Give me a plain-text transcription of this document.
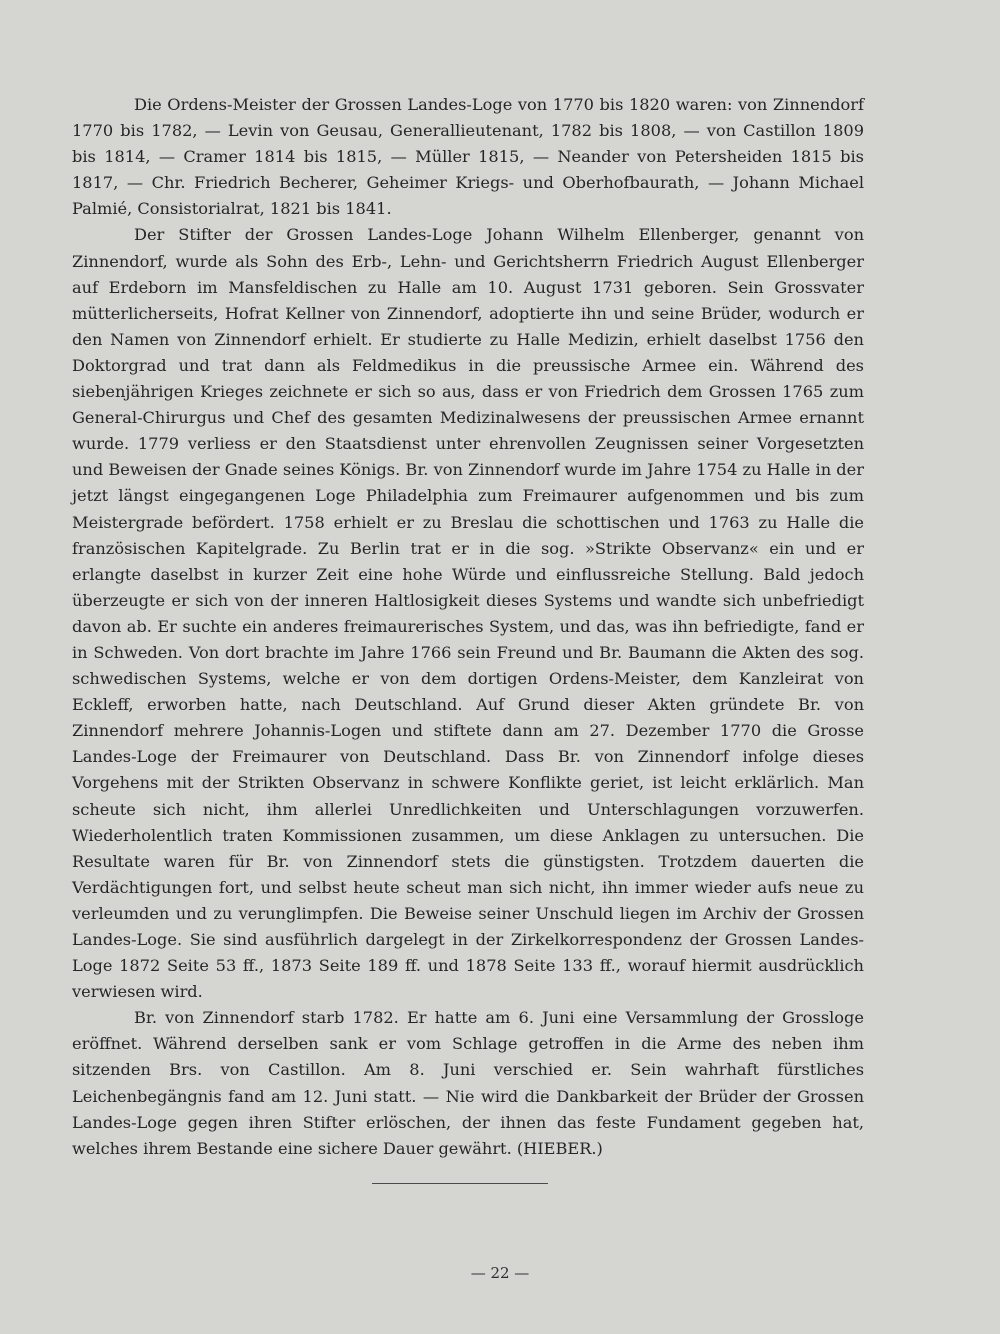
Die Ordens-Meister der Grossen Landes-Loge von 1770 bis 1820 waren: von Zinnendorf 1770 bis 1782, — Levin von Geusau, Generallieutenant, 1782 bis 1808, — von Castillon 1809 bis 1814, — Cramer 1814 bis 1815, — Müller 1815, — Neander von Petersheiden 1815 bis 1817, — Chr. Friedrich Becherer, Geheimer Kriegs- und Oberhofbaurath, — Johann Michael Palmié, Consistorialrat, 1821 bis 1841.

Der Stifter der Grossen Landes-Loge Johann Wilhelm Ellenberger, genannt von Zinnendorf, wurde als Sohn des Erb-, Lehn- und Gerichtsherrn Friedrich August Ellenberger auf Erdeborn im Mansfeldischen zu Halle am 10. August 1731 geboren. Sein Grossvater mütterlicherseits, Hofrat Kellner von Zinnendorf, adoptierte ihn und seine Brüder, wodurch er den Namen von Zinnendorf erhielt. Er studierte zu Halle Medizin, erhielt daselbst 1756 den Doktorgrad und trat dann als Feldmedikus in die preussische Armee ein. Während des siebenjährigen Krieges zeichnete er sich so aus, dass er von Friedrich dem Grossen 1765 zum General-Chirurgus und Chef des gesamten Medizinalwesens der preussischen Armee ernannt wurde. 1779 verliess er den Staatsdienst unter ehrenvollen Zeugnissen seiner Vorgesetzten und Beweisen der Gnade seines Königs. Br. von Zinnendorf wurde im Jahre 1754 zu Halle in der jetzt längst eingegangenen Loge Philadelphia zum Freimaurer aufgenommen und bis zum Meistergrade befördert. 1758 erhielt er zu Breslau die schottischen und 1763 zu Halle die französischen Kapitelgrade. Zu Berlin trat er in die sog. »Strikte Observanz« ein und er erlangte daselbst in kurzer Zeit eine hohe Würde und einflussreiche Stellung. Bald jedoch überzeugte er sich von der inneren Haltlosigkeit dieses Systems und wandte sich unbefriedigt davon ab. Er suchte ein anderes freimaurerisches System, und das, was ihn befriedigte, fand er in Schweden. Von dort brachte im Jahre 1766 sein Freund und Br. Baumann die Akten des sog. schwedischen Systems, welche er von dem dortigen Ordens-Meister, dem Kanzleirat von Eckleff, erworben hatte, nach Deutschland. Auf Grund dieser Akten gründete Br. von Zinnendorf mehrere Johannis-Logen und stiftete dann am 27. Dezember 1770 die Grosse Landes-Loge der Freimaurer von Deutschland. Dass Br. von Zinnendorf infolge dieses Vorgehens mit der Strikten Observanz in schwere Konflikte geriet, ist leicht erklärlich. Man scheute sich nicht, ihm allerlei Unredlichkeiten und Unterschlagungen vorzuwerfen. Wiederholentlich traten Kommissionen zusammen, um diese Anklagen zu untersuchen. Die Resultate waren für Br. von Zinnendorf stets die günstigsten. Trotzdem dauerten die Verdächtigungen fort, und selbst heute scheut man sich nicht, ihn immer wieder aufs neue zu verleumden und zu verunglimpfen. Die Beweise seiner Unschuld liegen im Archiv der Grossen Landes-Loge. Sie sind ausführlich dargelegt in der Zirkelkorrespondenz der Grossen Landes-Loge 1872 Seite 53 ff., 1873 Seite 189 ff. und 1878 Seite 133 ff., worauf hiermit ausdrücklich verwiesen wird.

Br. von Zinnendorf starb 1782. Er hatte am 6. Juni eine Versammlung der Grossloge eröffnet. Während derselben sank er vom Schlage getroffen in die Arme des neben ihm sitzenden Brs. von Castillon. Am 8. Juni verschied er. Sein wahrhaft fürstliches Leichenbegängnis fand am 12. Juni statt. — Nie wird die Dankbarkeit der Brüder der Grossen Landes-Loge gegen ihren Stifter erlöschen, der ihnen das feste Fundament gegeben hat, welches ihrem Bestande eine sichere Dauer gewährt. (HIEBER.)

— 22 —
